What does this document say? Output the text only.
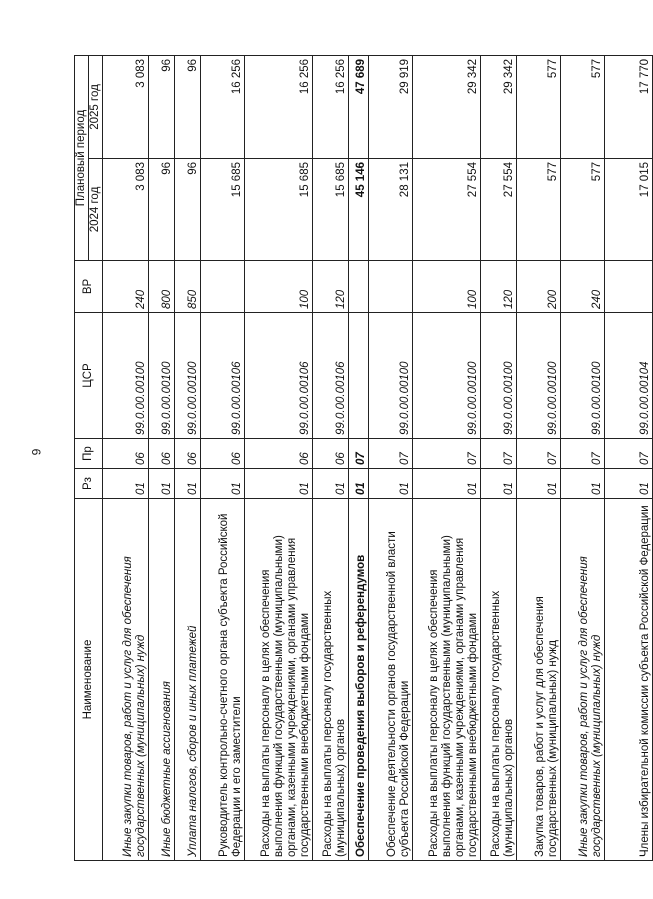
6
Наименование	Рз	Пр	ЦСР	ВР	Плановый период	
					2024 год	2025 год
Иные закупки товаров, работ и услуг для обеспечения государственных (муниципальных) нужд	01	06	99.0.00.00100	240	3 083	3 083
Иные бюджетные ассигнования	01	06	99.0.00.00100	800	96	96
Уплата налогов, сборов и иных платежей	01	06	99.0.00.00100	850	96	96
Руководитель контрольно-счетного органа субъекта Российской Федерации и его заместители	01	06	99.0.00.00106		15 685	16 256
Расходы на выплаты персоналу в целях обеспечения выполнения функций государственными (муниципальными) органами, казенными учреждениями, органами управления государственными внебюджетными фондами	01	06	99.0.00.00106	100	15 685	16 256
Расходы на выплаты персоналу государственных (муниципальных) органов	01	06	99.0.00.00106	120	15 685	16 256
Обеспечение проведения выборов и референдумов	01	07			45 146	47 689
Обеспечение деятельности органов государственной власти субъекта Российской Федерации	01	07	99.0.00.00100		28 131	29 919
Расходы на выплаты персоналу в целях обеспечения выполнения функций государственными (муниципальными) органами, казенными учреждениями, органами управления государственными внебюджетными фондами	01	07	99.0.00.00100	100	27 554	29 342
Расходы на выплаты персоналу государственных (муниципальных) органов	01	07	99.0.00.00100	120	27 554	29 342
Закупка товаров, работ и услуг для обеспечения государственных (муниципальных) нужд	01	07	99.0.00.00100	200	577	577
Иные закупки товаров, работ и услуг для обеспечения государственных (муниципальных) нужд	01	07	99.0.00.00100	240	577	577
Члены избирательной комиссии субъекта Российской Федерации	01	07	99.0.00.00104		17 015	17 770
